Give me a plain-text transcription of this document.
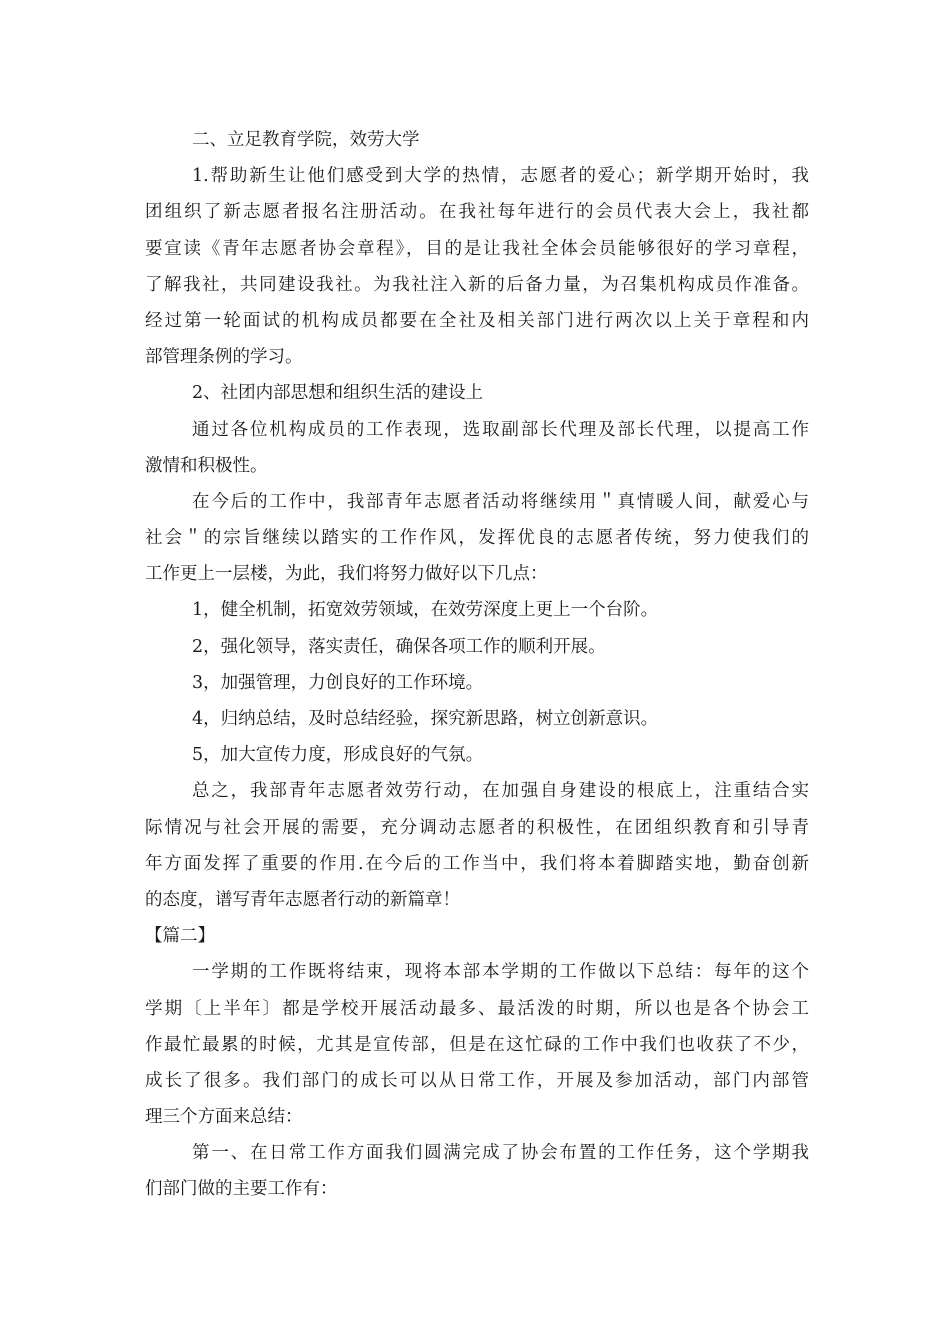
二、立足教育学院，效劳大学
1.帮助新生让他们感受到大学的热情，志愿者的爱心；新学期开始时，我
团组织了新志愿者报名注册活动。在我社每年进行的会员代表大会上，我社都
要宣读《青年志愿者协会章程》，目的是让我社全体会员能够很好的学习章程，
了解我社，共同建设我社。为我社注入新的后备力量，为召集机构成员作准备。
经过第一轮面试的机构成员都要在全社及相关部门进行两次以上关于章程和内
部管理条例的学习。
2、社团内部思想和组织生活的建设上
通过各位机构成员的工作表现，选取副部长代理及部长代理，以提高工作
激情和积极性。
在今后的工作中，我部青年志愿者活动将继续用＂真情暖人间，献爱心与
社会＂的宗旨继续以踏实的工作作风，发挥优良的志愿者传统，努力使我们的
工作更上一层楼，为此，我们将努力做好以下几点：
1，健全机制，拓宽效劳领域，在效劳深度上更上一个台阶。
2，强化领导，落实责任，确保各项工作的顺利开展。
3，加强管理，力创良好的工作环境。
4，归纳总结，及时总结经验，探究新思路，树立创新意识。
5，加大宣传力度，形成良好的气氛。
总之，我部青年志愿者效劳行动，在加强自身建设的根底上，注重结合实
际情况与社会开展的需要，充分调动志愿者的积极性，在团组织教育和引导青
年方面发挥了重要的作用.在今后的工作当中，我们将本着脚踏实地，勤奋创新
的态度，谱写青年志愿者行动的新篇章！
【篇二】
一学期的工作既将结束，现将本部本学期的工作做以下总结：每年的这个
学期〔上半年〕都是学校开展活动最多、最活泼的时期，所以也是各个协会工
作最忙最累的时候，尤其是宣传部，但是在这忙碌的工作中我们也收获了不少，
成长了很多。我们部门的成长可以从日常工作，开展及参加活动，部门内部管
理三个方面来总结：
第一、在日常工作方面我们圆满完成了协会布置的工作任务，这个学期我
们部门做的主要工作有：
